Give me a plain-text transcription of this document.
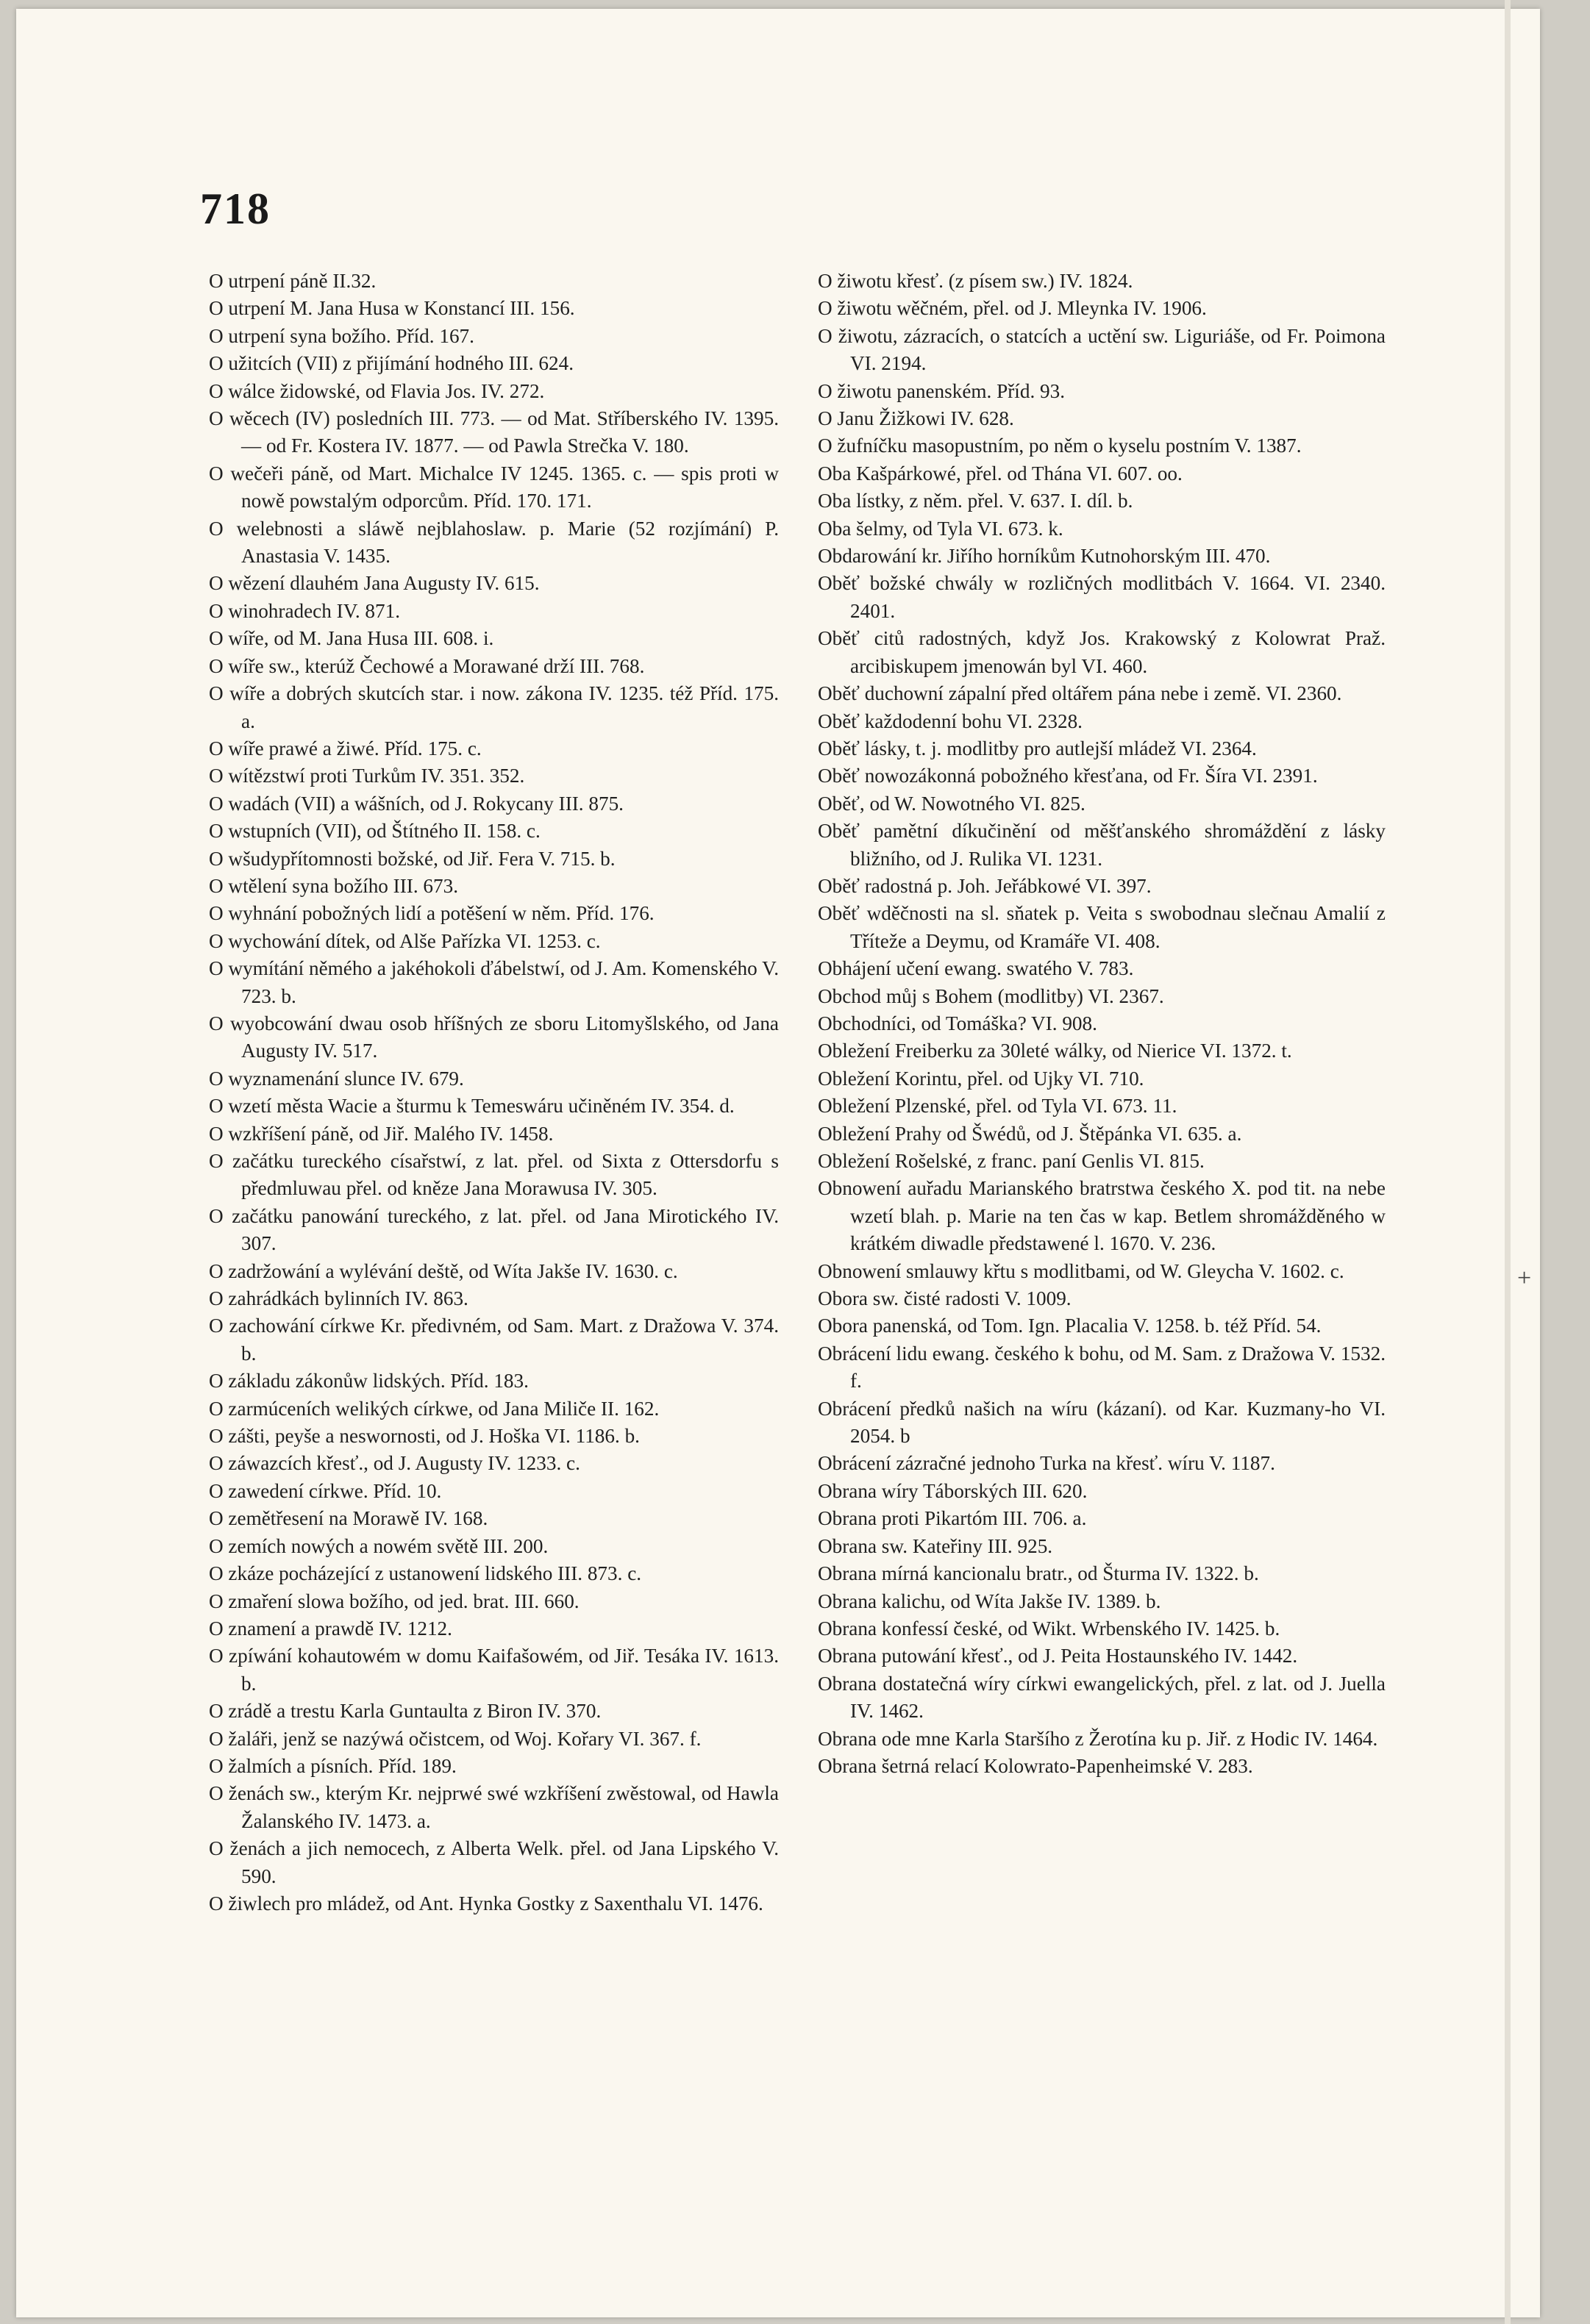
718

O utrpení páně II.32.

O utrpení M. Jana Husa w Konstancí III. 156.

O utrpení syna božího. Příd. 167.

O užitcích (VII) z přijímání hodného III. 624.

O wálce židowské, od Flavia Jos. IV. 272.

O wěcech (IV) posledních III. 773. — od Mat. Stříberského IV. 1395. — od Fr. Kostera IV. 1877. — od Pawla Strečka V. 180.

O wečeři páně, od Mart. Michalce IV 1245. 1365. c. — spis proti w nowě powstalým odporcům. Příd. 170. 171.

O welebnosti a sláwě nejblahoslaw. p. Marie (52 rozjímání) P. Anastasia V. 1435.

O wězení dlauhém Jana Augusty IV. 615.

O winohradech IV. 871.

O wíře, od M. Jana Husa III. 608. i.

O wíře sw., kterúž Čechowé a Morawané drží III. 768.

O wíře a dobrých skutcích star. i now. zákona IV. 1235. též Příd. 175. a.

O wíře prawé a žiwé. Příd. 175. c.

O wítězstwí proti Turkům IV. 351. 352.

O wadách (VII) a wášních, od J. Rokycany III. 875.

O wstupních (VII), od Štítného II. 158. c.

O wšudypřítomnosti božské, od Jiř. Fera V. 715. b.

O wtělení syna božího III. 673.

O wyhnání pobožných lidí a potěšení w něm. Příd. 176.

O wychowání dítek, od Alše Pařízka VI. 1253. c.

O wymítání němého a jakéhokoli ďábelstwí, od J. Am. Komenského V. 723. b.

O wyobcowání dwau osob hříšných ze sboru Litomyšlského, od Jana Augusty IV. 517.

O wyznamenání slunce IV. 679.

O wzetí města Wacie a šturmu k Temeswáru učiněném IV. 354. d.

O wzkříšení páně, od Jiř. Malého IV. 1458.

O začátku tureckého císařstwí, z lat. přel. od Sixta z Ottersdorfu s předmluwau přel. od kněze Jana Morawusa IV. 305.

O začátku panowání tureckého, z lat. přel. od Jana Mirotického IV. 307.

O zadržowání a wylévání deště, od Wíta Jakše IV. 1630. c.

O zahrádkách bylinních IV. 863.

O zachowání církwe Kr. předivném, od Sam. Mart. z Dražowa V. 374. b.

O základu zákonůw lidských. Příd. 183.

O zarmúceních welikých církwe, od Jana Miliče II. 162.

O zášti, peyše a neswornosti, od J. Hoška VI. 1186. b.

O záwazcích křesť., od J. Augusty IV. 1233. c.

O zawedení církwe. Příd. 10.

O zemětřesení na Morawě IV. 168.

O zemích nowých a nowém světě III. 200.

O zkáze pocházející z ustanowení lidského III. 873. c.

O zmaření slowa božího, od jed. brat. III. 660.

O znamení a prawdě IV. 1212.

O zpíwání kohautowém w domu Kaifašowém, od Jiř. Tesáka IV. 1613. b.

O zrádě a trestu Karla Guntaulta z Biron IV. 370.

O žaláři, jenž se nazýwá očistcem, od Woj. Kořary VI. 367. f.

O žalmích a písních. Příd. 189.

O ženách sw., kterým Kr. nejprwé swé wzkříšení zwěstowal, od Hawla Žalanského IV. 1473. a.

O ženách a jich nemocech, z Alberta Welk. přel. od Jana Lipského V. 590.

O žiwlech pro mládež, od Ant. Hynka Gostky z Saxenthalu VI. 1476.

O žiwotu křesť. (z písem sw.) IV. 1824.

O žiwotu wěčném, přel. od J. Mleynka IV. 1906.

O žiwotu, zázracích, o statcích a uctění sw. Liguriáše, od Fr. Poimona VI. 2194.

O žiwotu panenském. Příd. 93.

O Janu Žižkowi IV. 628.

O žufníčku masopustním, po něm o kyselu postním V. 1387.

Oba Kašpárkowé, přel. od Thána VI. 607. oo.

Oba lístky, z něm. přel. V. 637. I. díl. b.

Oba šelmy, od Tyla VI. 673. k.

Obdarowání kr. Jiřího horníkům Kutnohorským III. 470.

Oběť božské chwály w rozličných modlitbách V. 1664. VI. 2340. 2401.

Oběť citů radostných, když Jos. Krakowský z Kolowrat Praž. arcibiskupem jmenowán byl VI. 460.

Oběť duchowní zápalní před oltářem pána nebe i země. VI. 2360.

Oběť každodenní bohu VI. 2328.

Oběť lásky, t. j. modlitby pro autlejší mládež VI. 2364.

Oběť nowozákonná pobožného křesťana, od Fr. Šíra VI. 2391.

Oběť, od W. Nowotného VI. 825.

Oběť pamětní díkučinění od měšťanského shromáždění z lásky bližního, od J. Rulika VI. 1231.

Oběť radostná p. Joh. Jeřábkowé VI. 397.

Oběť wděčnosti na sl. sňatek p. Veita s swobodnau slečnau Amalií z Tříteže a Deymu, od Kramáře VI. 408.

Obhájení učení ewang. swatého V. 783.

Obchod můj s Bohem (modlitby) VI. 2367.

Obchodníci, od Tomáška? VI. 908.

Obležení Freiberku za 30leté wálky, od Nierice VI. 1372. t.

Obležení Korintu, přel. od Ujky VI. 710.

Obležení Plzenské, přel. od Tyla VI. 673. 11.

Obležení Prahy od Šwédů, od J. Štěpánka VI. 635. a.

Obležení Rošelské, z franc. paní Genlis VI. 815.

Obnowení auřadu Marianského bratrstwa českého X. pod tit. na nebe wzetí blah. p. Marie na ten čas w kap. Betlem shromážděného w krátkém diwadle předstawené l. 1670. V. 236.

Obnowení smlauwy křtu s modlitbami, od W. Gleycha V. 1602. c.

Obora sw. čisté radosti V. 1009.

Obora panenská, od Tom. Ign. Placalia V. 1258. b. též Příd. 54.

Obrácení lidu ewang. českého k bohu, od M. Sam. z Dražowa V. 1532. f.

Obrácení předků našich na wíru (kázaní). od Kar. Kuzmany-ho VI. 2054. b

Obrácení zázračné jednoho Turka na křesť. wíru V. 1187.

Obrana wíry Táborských III. 620.

Obrana proti Pikartóm III. 706. a.

Obrana sw. Kateřiny III. 925.

Obrana mírná kancionalu bratr., od Šturma IV. 1322. b.

Obrana kalichu, od Wíta Jakše IV. 1389. b.

Obrana konfessí české, od Wikt. Wrbenského IV. 1425. b.

Obrana putowání křesť., od J. Peita Hostaunského IV. 1442.

Obrana dostatečná wíry církwi ewangelických, přel. z lat. od J. Juella IV. 1462.

Obrana ode mne Karla Staršího z Žerotína ku p. Jiř. z Hodic IV. 1464.

Obrana šetrná relací Kolowrato-Papenheimské V. 283.

+
